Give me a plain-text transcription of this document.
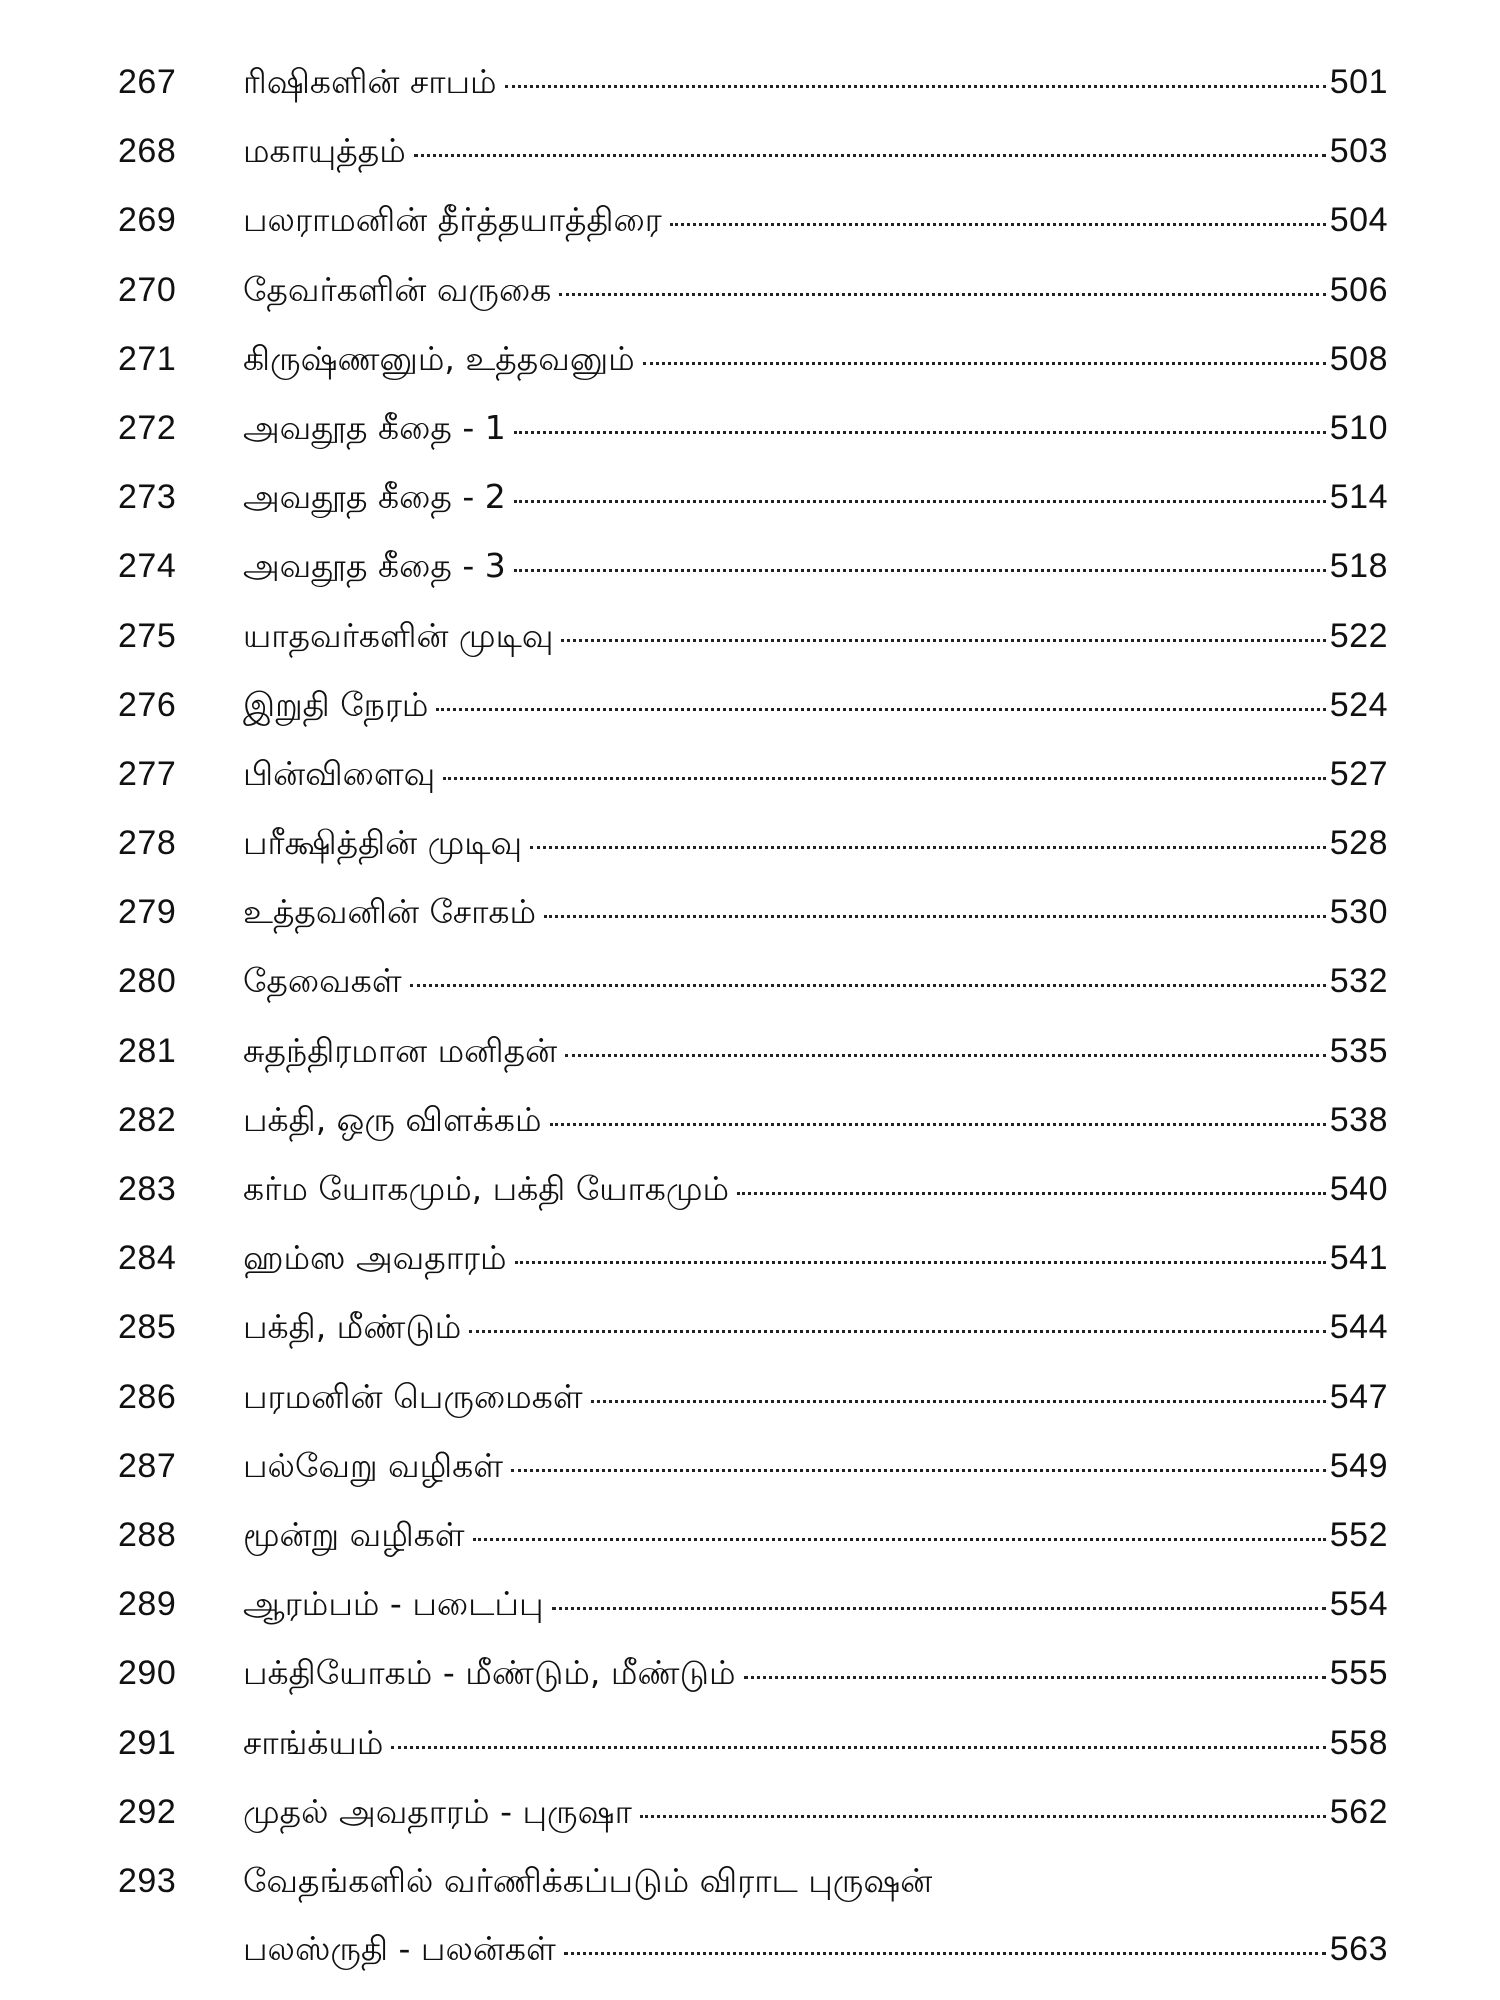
267	ரிஷிகளின் சாபம்	501
268	மகாயுத்தம்	503
269	பலராமனின் தீர்த்தயாத்திரை	504
270	தேவர்களின் வருகை	506
271	கிருஷ்ணனும், உத்தவனும்	508
272	அவதூத கீதை - 1	510
273	அவதூத கீதை - 2	514
274	அவதூத கீதை - 3	518
275	யாதவர்களின் முடிவு	522
276	இறுதி நேரம்	524
277	பின்விளைவு	527
278	பரீக்ஷித்தின் முடிவு	528
279	உத்தவனின் சோகம்	530
280	தேவைகள்	532
281	சுதந்திரமான மனிதன்	535
282	பக்தி, ஒரு விளக்கம்	538
283	கர்ம யோகமும், பக்தி யோகமும்	540
284	ஹம்ஸ அவதாரம்	541
285	பக்தி, மீண்டும்	544
286	பரமனின் பெருமைகள்	547
287	பல்வேறு வழிகள்	549
288	மூன்று வழிகள்	552
289	ஆரம்பம் - படைப்பு	554
290	பக்தியோகம் - மீண்டும், மீண்டும்	555
291	சாங்க்யம்	558
292	முதல் அவதாரம் - புருஷா	562
293	வேதங்களில் வர்ணிக்கப்படும் விராட புருஷன்
பலஸ்ருதி - பலன்கள்	563
